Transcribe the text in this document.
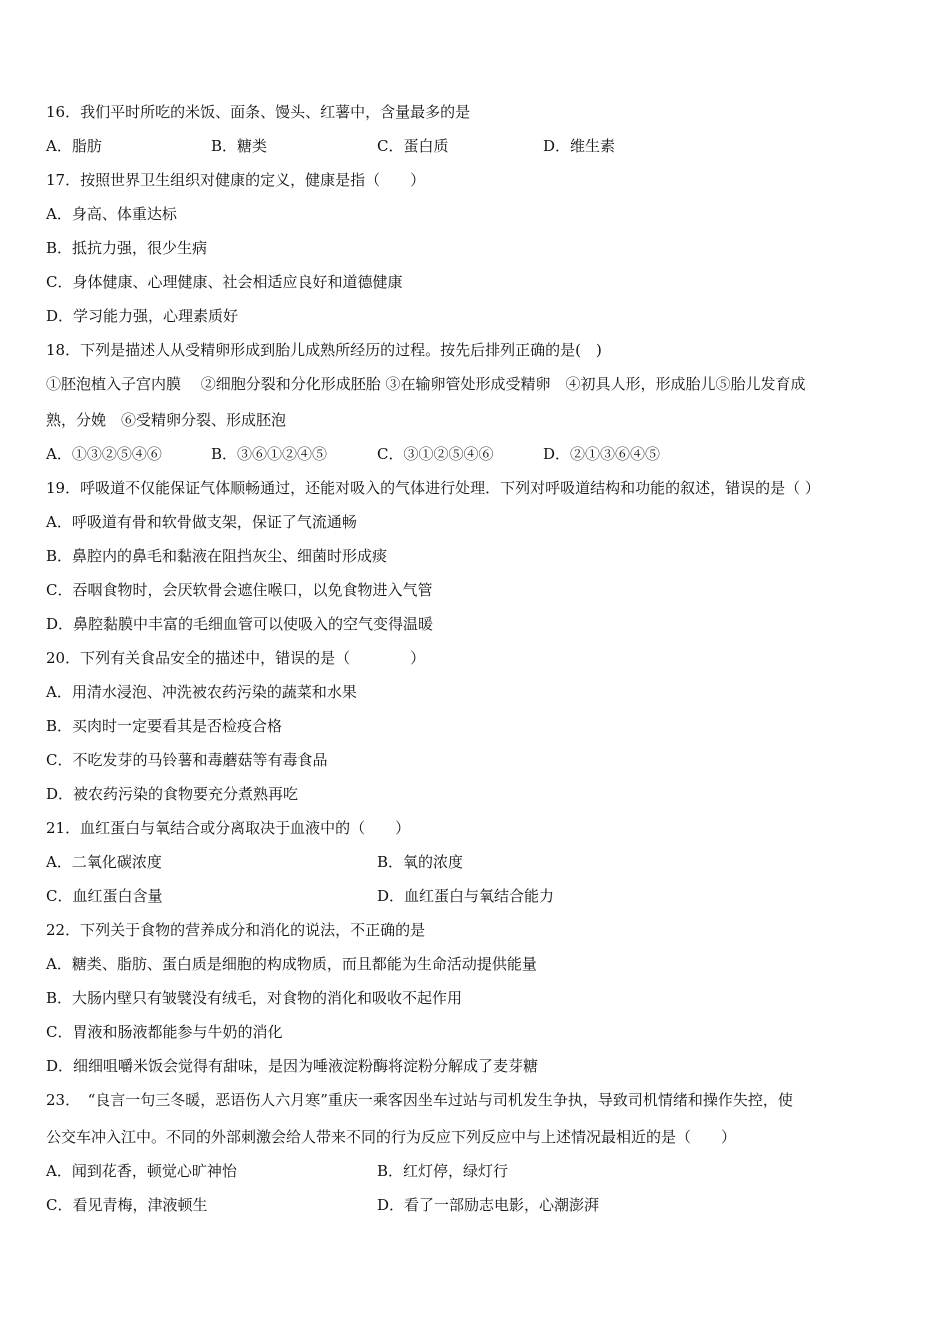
16．我们平时所吃的米饭、面条、馒头、红薯中，含量最多的是
A．脂肪	B．糖类	C．蛋白质	D．维生素
17．按照世界卫生组织对健康的定义，健康是指（　　）
A．身高、体重达标
B．抵抗力强，很少生病
C．身体健康、心理健康、社会相适应良好和道德健康
D．学习能力强，心理素质好
18．下列是描述人从受精卵形成到胎儿成熟所经历的过程。按先后排列正确的是(　)
①胚泡植入子宫内膜　 ②细胞分裂和分化形成胚胎 ③在输卵管处形成受精卵　④初具人形，形成胎儿⑤胎儿发育成
熟，分娩　⑥受精卵分裂、形成胚泡
A．①③②⑤④⑥	B．③⑥①②④⑤	C．③①②⑤④⑥	D．②①③⑥④⑤
19．呼吸道不仅能保证气体顺畅通过，还能对吸入的气体进行处理．下列对呼吸道结构和功能的叙述，错误的是（ ）
A．呼吸道有骨和软骨做支架，保证了气流通畅
B．鼻腔内的鼻毛和黏液在阻挡灰尘、细菌时形成痰
C．吞咽食物时，会厌软骨会遮住喉口，以免食物进入气管
D．鼻腔黏膜中丰富的毛细血管可以使吸入的空气变得温暖
20．下列有关食品安全的描述中，错误的是（　　　　）
A．用清水浸泡、冲洗被农药污染的蔬菜和水果
B．买肉时一定要看其是否检疫合格
C．不吃发芽的马铃薯和毒蘑菇等有毒食品
D．被农药污染的食物要充分煮熟再吃
21．血红蛋白与氧结合或分离取决于血液中的（　　）
A．二氧化碳浓度	B．氧的浓度
C．血红蛋白含量	D．血红蛋白与氧结合能力
22．下列关于食物的营养成分和消化的说法，不正确的是
A．糖类、脂肪、蛋白质是细胞的构成物质，而且都能为生命活动提供能量
B．大肠内壁只有皱襞没有绒毛，对食物的消化和吸收不起作用
C．胃液和肠液都能参与牛奶的消化
D．细细咀嚼米饭会觉得有甜味，是因为唾液淀粉酶将淀粉分解成了麦芽糖
23．　“良言一句三冬暖，恶语伤人六月寒”重庆一乘客因坐车过站与司机发生争执，导致司机情绪和操作失控，使
公交车冲入江中。不同的外部刺激会给人带来不同的行为反应下列反应中与上述情况最相近的是（　　）
A．闻到花香，顿觉心旷神怡	B．红灯停，绿灯行
C．看见青梅，津液顿生	D．看了一部励志电影，心潮澎湃
